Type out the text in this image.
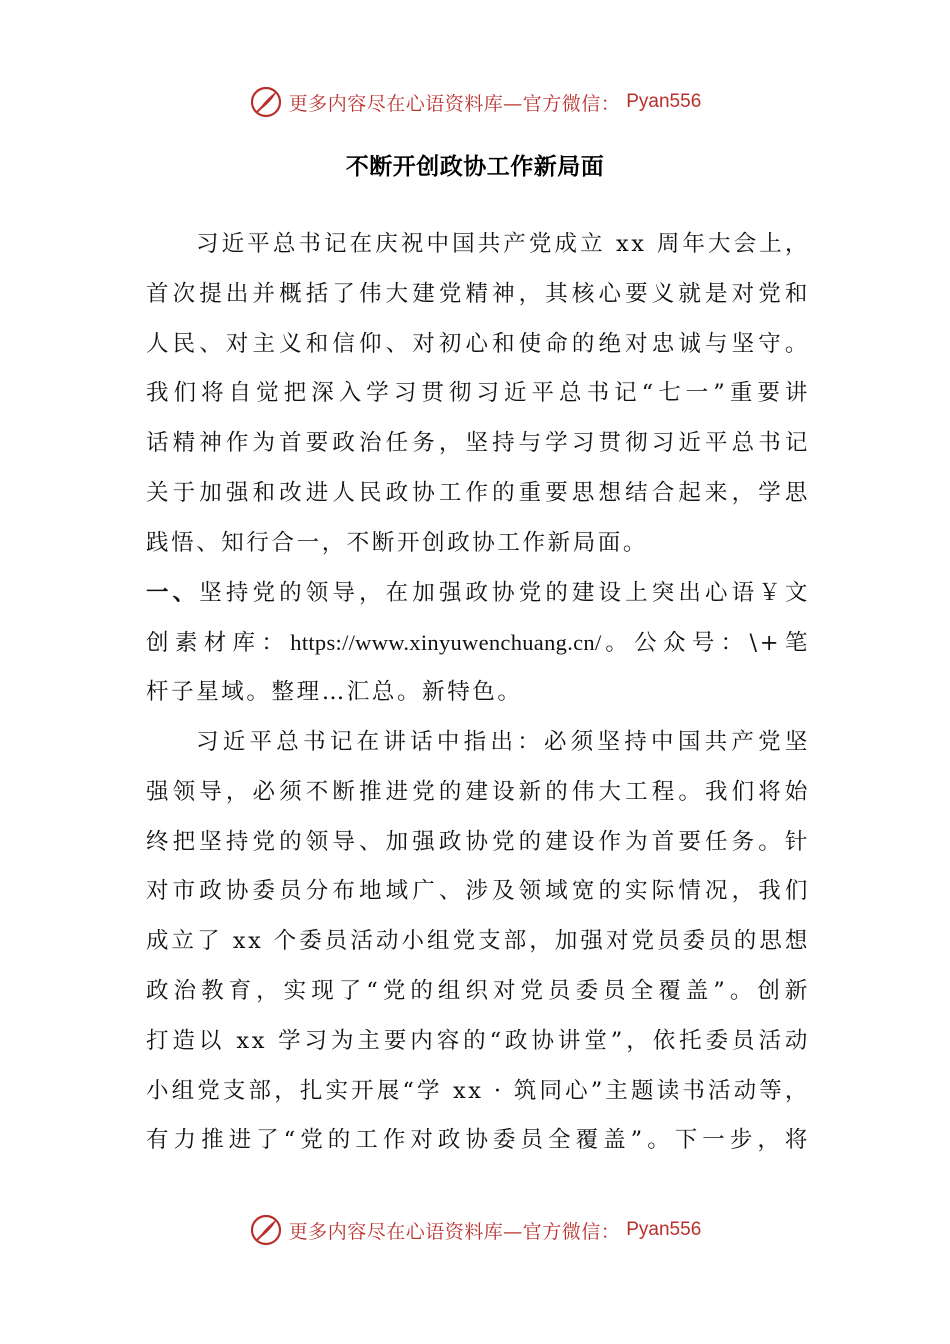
更多内容尽在心语资料库—官方微信： Pyan556
不断开创政协工作新局面
习近平总书记在庆祝中国共产党成立 xx 周年大会上，
首次提出并概括了伟大建党精神，其核心要义就是对党和
人民、对主义和信仰、对初心和使命的绝对忠诚与坚守。
我们将自觉把深入学习贯彻习近平总书记“七一”重要讲
话精神作为首要政治任务，坚持与学习贯彻习近平总书记
关于加强和改进人民政协工作的重要思想结合起来，学思
践悟、知行合一，不断开创政协工作新局面。
一、坚持党的领导，在加强政协党的建设上突出心语￥文
创素材库：https://www.xinyuwenchuang.cn/。公众号：\+笔
杆子星域。整理…汇总。新特色。
习近平总书记在讲话中指出：必须坚持中国共产党坚
强领导，必须不断推进党的建设新的伟大工程。我们将始
终把坚持党的领导、加强政协党的建设作为首要任务。针
对市政协委员分布地域广、涉及领域宽的实际情况，我们
成立了 xx 个委员活动小组党支部，加强对党员委员的思想
政治教育，实现了“党的组织对党员委员全覆盖”。创新
打造以 xx 学习为主要内容的“政协讲堂”，依托委员活动
小组党支部，扎实开展“学 xx · 筑同心”主题读书活动等，
有力推进了“党的工作对政协委员全覆盖”。下一步，将
更多内容尽在心语资料库—官方微信： Pyan556
